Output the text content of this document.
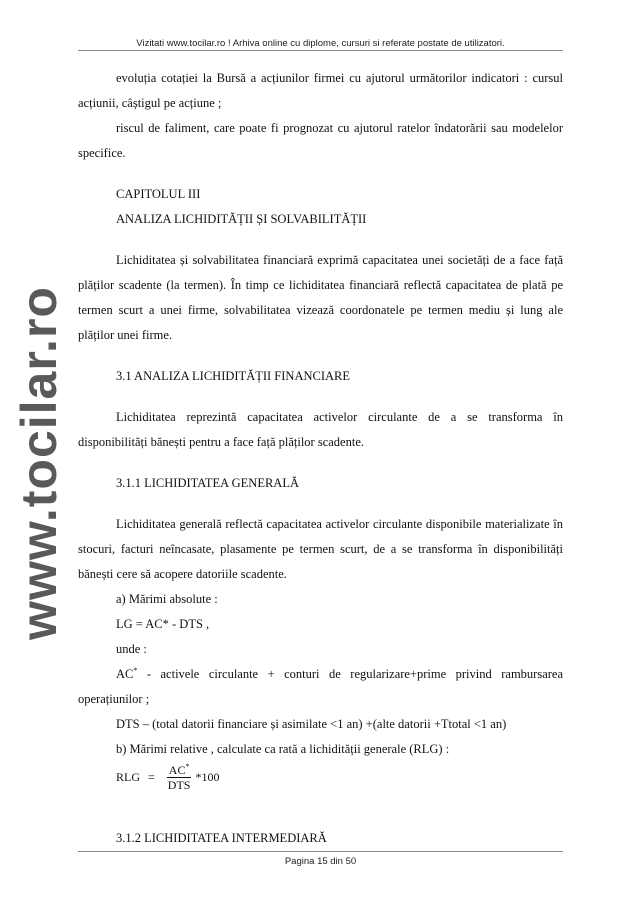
www.tocilar.ro
Vizitati www.tocilar.ro ! Arhiva online cu diplome, cursuri si referate postate de utilizatori.

evoluția cotației la Bursă a acțiunilor firmei cu ajutorul următorilor indicatori : cursul acțiunii, câștigul pe acțiune ;

riscul de faliment, care poate fi prognozat cu ajutorul ratelor îndatorării sau modelelor specifice.

CAPITOLUL III

ANALIZA LICHIDITĂȚII ȘI SOLVABILITĂȚII

Lichiditatea și solvabilitatea financiară exprimă capacitatea unei societăți de a face față plăților scadente (la termen). În timp ce lichiditatea financiară reflectă capacitatea de plată pe termen scurt a unei firme, solvabilitatea vizează coordonatele pe termen mediu și lung ale plăților unei firme.

3.1 ANALIZA LICHIDITĂȚII FINANCIARE

Lichiditatea reprezintă capacitatea activelor circulante de a se transforma în disponibilități bănești pentru a face față plăților scadente.

3.1.1 LICHIDITATEA GENERALĂ

Lichiditatea generală reflectă capacitatea activelor circulante disponibile materializate în stocuri, facturi neîncasate, plasamente pe termen scurt, de a se transforma în disponibilități bănești cere să acopere datoriile scadente.

a) Mărimi absolute :

LG = AC* - DTS ,

unde :

AC* - activele circulante + conturi de regularizare+prime privind rambursarea operațiunilor ;

DTS – (total datorii financiare și asimilate <1 an) +(alte datorii +Ttotal <1 an)

b) Mărimi relative , calculate ca rată a lichidității generale (RLG) :

RLG = $\frac{AC^*}{\text{DTS}} *100$

3.1.2 LICHIDITATEA INTERMEDIARĂ

Pagina 15 din 50
